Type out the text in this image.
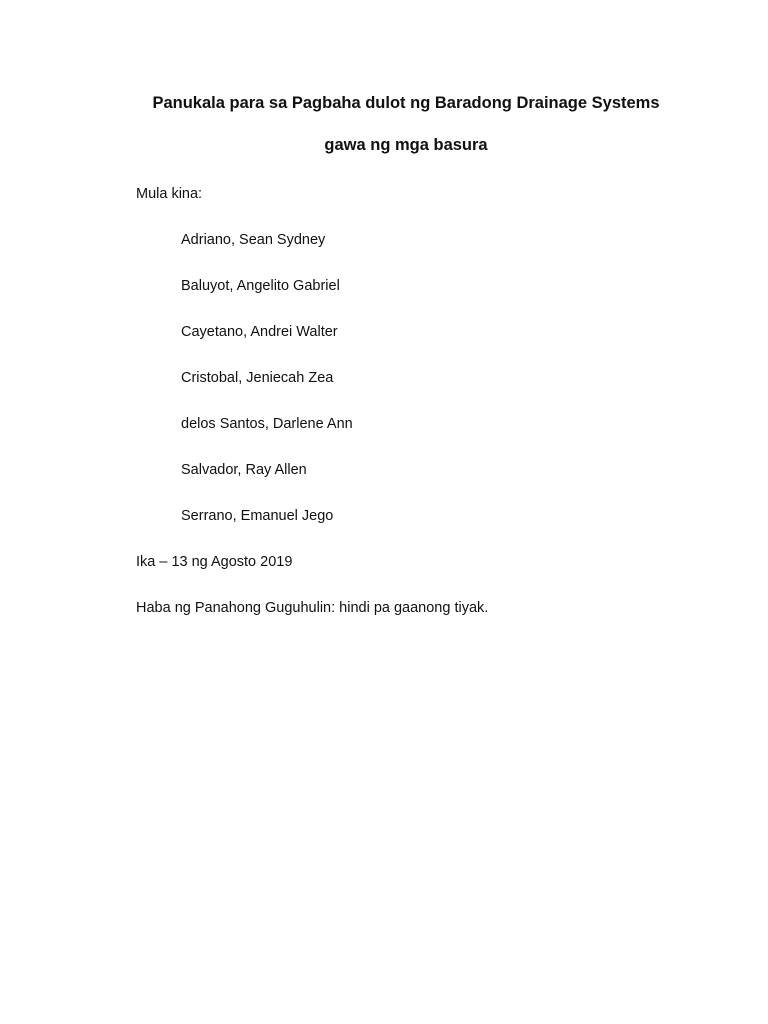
Panukala para sa Pagbaha dulot ng Baradong Drainage Systems
gawa ng mga basura

Mula kina:

Adriano, Sean Sydney

Baluyot, Angelito Gabriel

Cayetano, Andrei Walter

Cristobal, Jeniecah Zea

delos Santos, Darlene Ann

Salvador, Ray Allen

Serrano, Emanuel Jego

Ika – 13 ng Agosto 2019

Haba ng Panahong Guguhulin: hindi pa gaanong tiyak.
